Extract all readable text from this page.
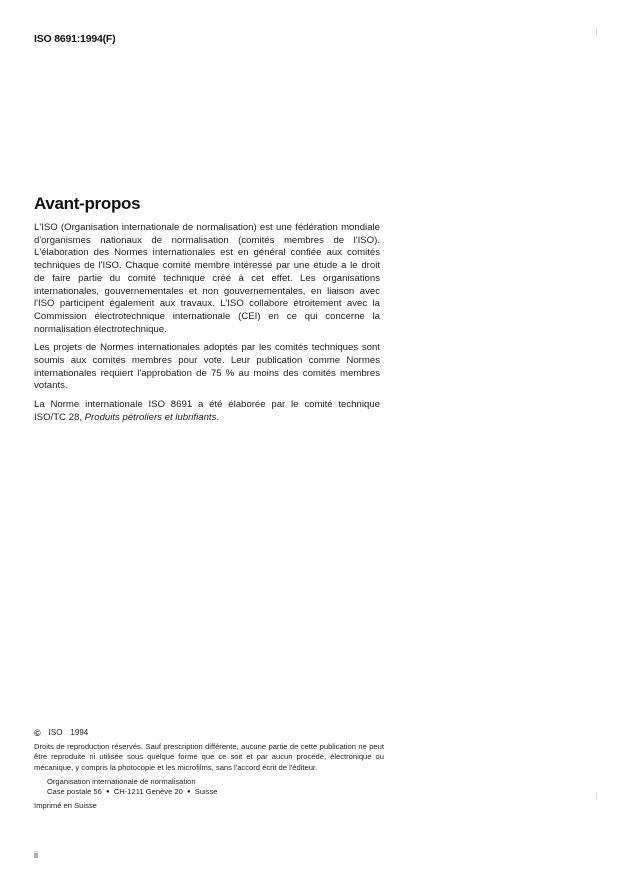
ISO 8691:1994(F)
Avant-propos

L'ISO (Organisation internationale de normalisation) est une fédération mondiale d'organismes nationaux de normalisation (comités membres de l'ISO). L'élaboration des Normes internationales est en général confiée aux comités techniques de l'ISO. Chaque comité membre intéressé par une étude a le droit de faire partie du comité technique créé à cet effet. Les organisations internationales, gouvernementales et non gouvernementales, en liaison avec l'ISO participent également aux travaux. L'ISO collabore étroitement avec la Commission électrotechnique internationale (CEI) en ce qui concerne la normalisation électrotechnique.

Les projets de Normes internationales adoptés par les comités techniques sont soumis aux comités membres pour vote. Leur publication comme Normes internationales requiert l'approbation de 75 % au moins des comités membres votants.

La Norme internationale ISO 8691 a été élaborée par le comité technique ISO/TC 28, Produits pétroliers et lubrifiants.

© ISO 1994

Droits de reproduction réservés. Sauf prescription différente, aucune partie de cette publication ne peut être reproduite ni utilisée sous quelque forme que ce soit et par aucun procédé, électronique ou mécanique, y compris la photocopie et les microfilms, sans l'accord écrit de l'éditeur.

Organisation internationale de normalisation
Case postale 56 ● CH-1211 Genève 20 ● Suisse

Imprimé en Suisse

ii
